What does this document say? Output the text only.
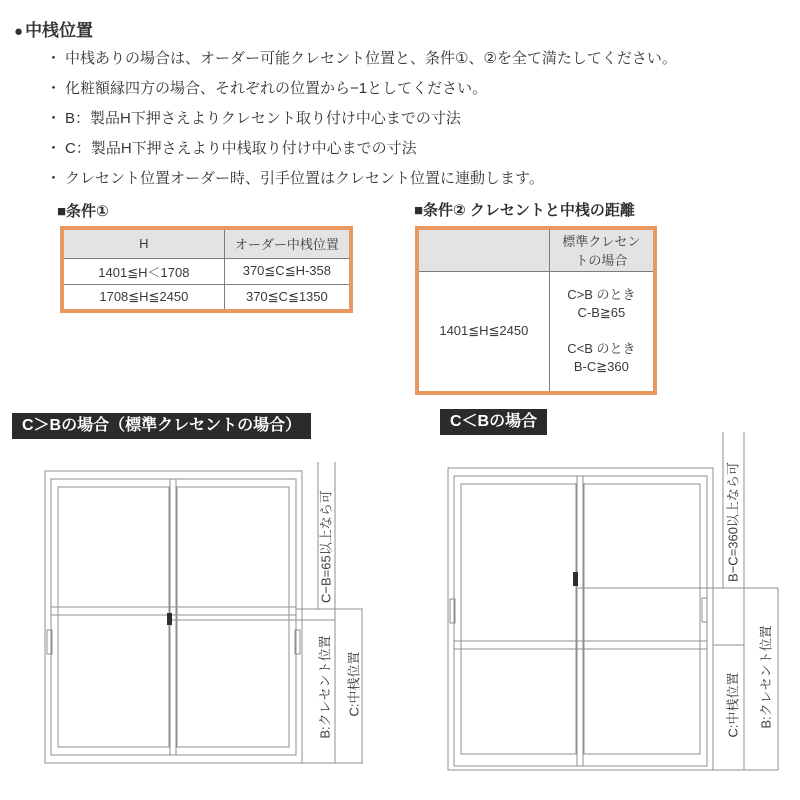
● 中桟位置
・ 中桟ありの場合は、オーダー可能クレセント位置と、条件①、②を全て満たしてください。
・ 化粧額縁四方の場合、それぞれの位置から−1としてください。
・ B：製品H下押さえよりクレセント取り付け中心までの寸法
・ C：製品H下押さえより中桟取り付け中心までの寸法
・ クレセント位置オーダー時、引手位置はクレセント位置に連動します。
■条件①
H	オーダー中桟位置
1401≦H＜1708	370≦C≦H-358
1708≦H≦2450	370≦C≦1350
■条件② クレセントと中桟の距離
	標準クレセントの場合
1401≦H≦2450	C>B のとき
C-B≧65
C<B のとき
B-C≧360
C＞Bの場合（標準クレセントの場合）	C＜Bの場合
C−B=65以上なら可
B:クレセント位置 C:中桟位置
B−C=360以上なら可
C:中桟位置 B:クレセント位置
